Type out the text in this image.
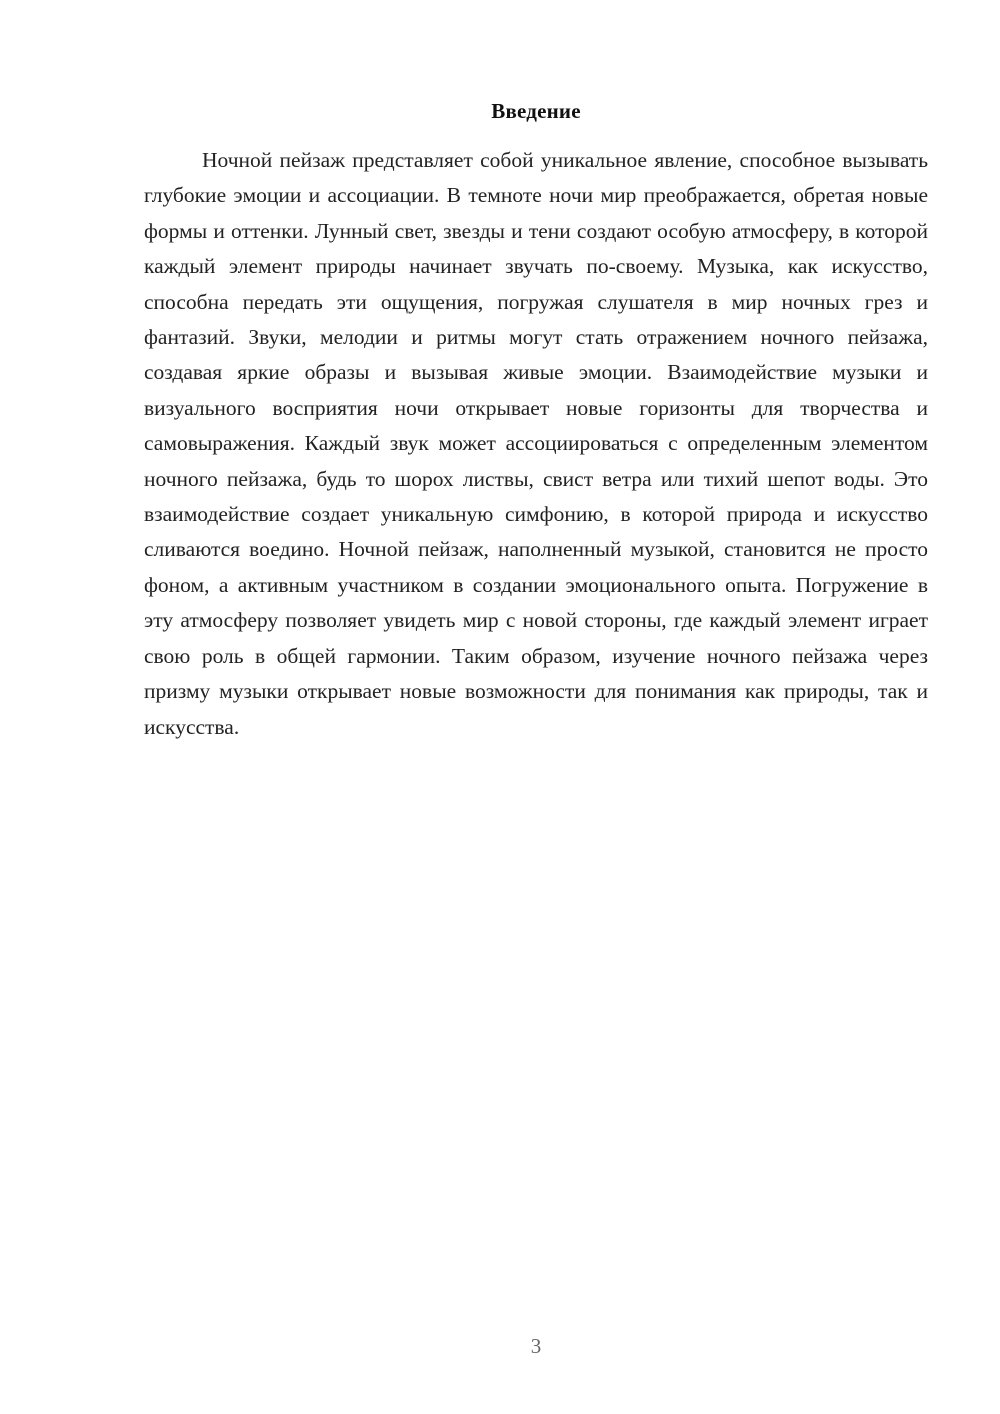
Введение

Ночной пейзаж представляет собой уникальное явление, способное вызывать глубокие эмоции и ассоциации. В темноте ночи мир преображается, обретая новые формы и оттенки. Лунный свет, звезды и тени создают особую атмосферу, в которой каждый элемент природы начинает звучать по-своему. Музыка, как искусство, способна передать эти ощущения, погружая слушателя в мир ночных грез и фантазий. Звуки, мелодии и ритмы могут стать отражением ночного пейзажа, создавая яркие образы и вызывая живые эмоции. Взаимодействие музыки и визуального восприятия ночи открывает новые горизонты для творчества и самовыражения. Каждый звук может ассоциироваться с определенным элементом ночного пейзажа, будь то шорох листвы, свист ветра или тихий шепот воды. Это взаимодействие создает уникальную симфонию, в которой природа и искусство сливаются воедино. Ночной пейзаж, наполненный музыкой, становится не просто фоном, а активным участником в создании эмоционального опыта. Погружение в эту атмосферу позволяет увидеть мир с новой стороны, где каждый элемент играет свою роль в общей гармонии. Таким образом, изучение ночного пейзажа через призму музыки открывает новые возможности для понимания как природы, так и искусства.

3
